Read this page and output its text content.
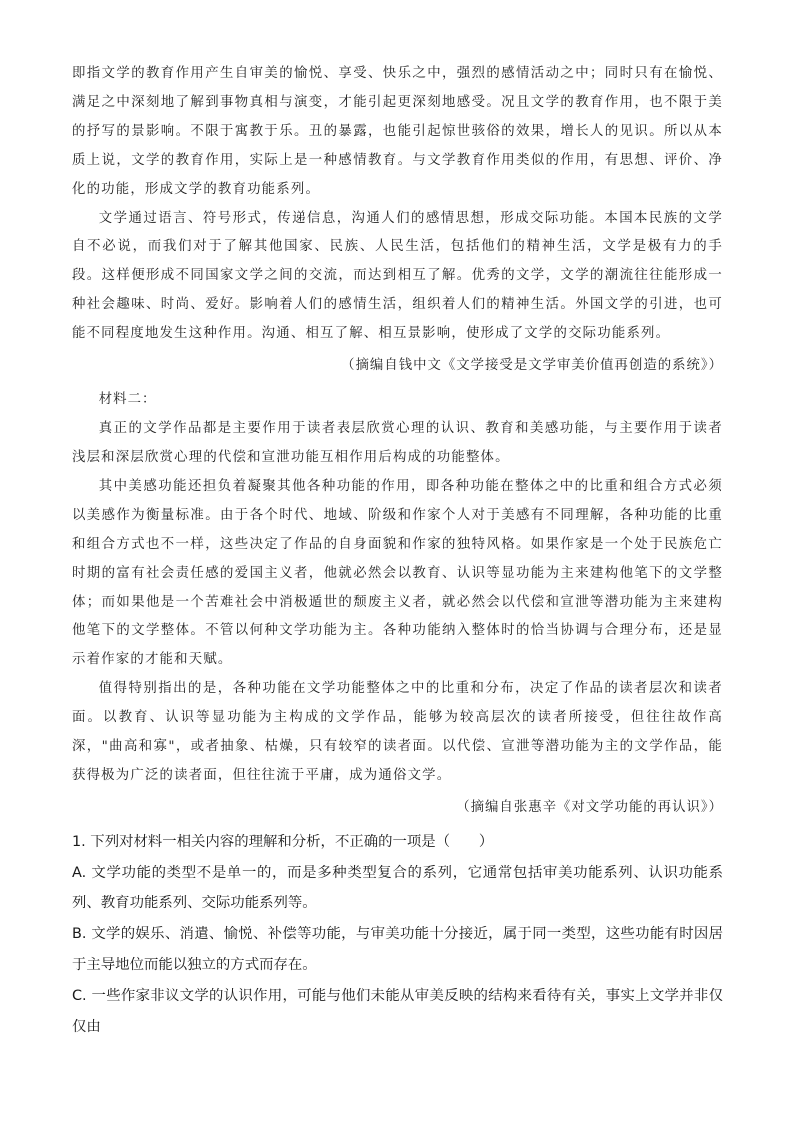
即指文学的教育作用产生自审美的愉悦、享受、快乐之中，强烈的感情活动之中；同时只有在愉悦、满足之中深刻地了解到事物真相与演变，才能引起更深刻地感受。况且文学的教育作用，也不限于美的抒写的景影响。不限于寓教于乐。丑的暴露，也能引起惊世骇俗的效果，增长人的见识。所以从本质上说，文学的教育作用，实际上是一种感情教育。与文学教育作用类似的作用，有思想、评价、净化的功能，形成文学的教育功能系列。

文学通过语言、符号形式，传递信息，沟通人们的感情思想，形成交际功能。本国本民族的文学自不必说，而我们对于了解其他国家、民族、人民生活，包括他们的精神生活，文学是极有力的手段。这样便形成不同国家文学之间的交流，而达到相互了解。优秀的文学，文学的潮流往往能形成一种社会趣味、时尚、爱好。影响着人们的感情生活，组织着人们的精神生活。外国文学的引进，也可能不同程度地发生这种作用。沟通、相互了解、相互景影响，使形成了文学的交际功能系列。

（摘编自钱中文《文学接受是文学审美价值再创造的系统》）

材料二：

真正的文学作品都是主要作用于读者表层欣赏心理的认识、教育和美感功能，与主要作用于读者浅层和深层欣赏心理的代偿和宣泄功能互相作用后构成的功能整体。

其中美感功能还担负着凝聚其他各种功能的作用，即各种功能在整体之中的比重和组合方式必须以美感作为衡量标准。由于各个时代、地域、阶级和作家个人对于美感有不同理解，各种功能的比重和组合方式也不一样，这些决定了作品的自身面貌和作家的独特风格。如果作家是一个处于民族危亡时期的富有社会责任感的爱国主义者，他就必然会以教育、认识等显功能为主来建构他笔下的文学整体；而如果他是一个苦难社会中消极遁世的颓废主义者，就必然会以代偿和宣泄等潜功能为主来建构他笔下的文学整体。不管以何种文学功能为主。各种功能纳入整体时的恰当协调与合理分布，还是显示着作家的才能和天赋。

值得特别指出的是，各种功能在文学功能整体之中的比重和分布，决定了作品的读者层次和读者面。以教育、认识等显功能为主构成的文学作品，能够为较高层次的读者所接受，但往往故作高深，"曲高和寡"，或者抽象、枯燥，只有较窄的读者面。以代偿、宣泄等潜功能为主的文学作品，能获得极为广泛的读者面，但往往流于平庸，成为通俗文学。

（摘编自张惠辛《对文学功能的再认识》）

1. 下列对材料一相关内容的理解和分析，不正确的一项是（　　）

A. 文学功能的类型不是单一的，而是多种类型复合的系列，它通常包括审美功能系列、认识功能系列、教育功能系列、交际功能系列等。

B. 文学的娱乐、消遣、愉悦、补偿等功能，与审美功能十分接近，属于同一类型，这些功能有时因居于主导地位而能以独立的方式而存在。

C. 一些作家非议文学的认识作用，可能与他们未能从审美反映的结构来看待有关，事实上文学并非仅仅由
